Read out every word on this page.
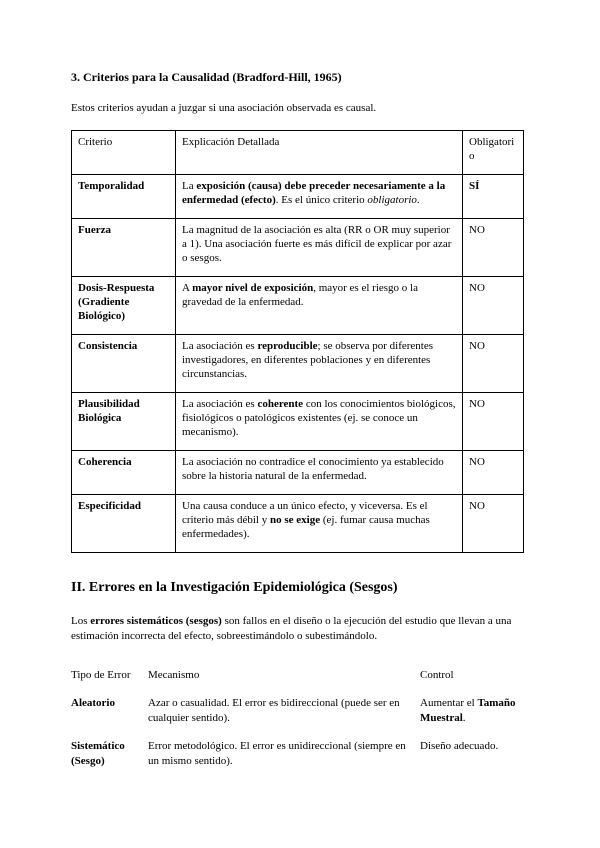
3. Criterios para la Causalidad (Bradford-Hill, 1965)

Estos criterios ayudan a juzgar si una asociación observada es causal.

Criterio	Explicación Detallada	Obligatorio
Temporalidad	La exposición (causa) debe preceder necesariamente a la enfermedad (efecto). Es el único criterio obligatorio.	SÍ
Fuerza	La magnitud de la asociación es alta (RR o OR muy superior a 1). Una asociación fuerte es más difícil de explicar por azar o sesgos.	NO
Dosis-Respuesta (Gradiente Biológico)	A mayor nivel de exposición, mayor es el riesgo o la gravedad de la enfermedad.	NO
Consistencia	La asociación es reproducible; se observa por diferentes investigadores, en diferentes poblaciones y en diferentes circunstancias.	NO
Plausibilidad Biológica	La asociación es coherente con los conocimientos biológicos, fisiológicos o patológicos existentes (ej. se conoce un mecanismo).	NO
Coherencia	La asociación no contradice el conocimiento ya establecido sobre la historia natural de la enfermedad.	NO
Especificidad	Una causa conduce a un único efecto, y viceversa. Es el criterio más débil y no se exige (ej. fumar causa muchas enfermedades).	NO
II. Errores en la Investigación Epidemiológica (Sesgos)

Los errores sistemáticos (sesgos) son fallos en el diseño o la ejecución del estudio que llevan a una estimación incorrecta del efecto, sobreestimándolo o subestimándolo.

Tipo de Error	Mecanismo	Control
Aleatorio	Azar o casualidad. El error es bidireccional (puede ser en cualquier sentido).	Aumentar el Tamaño Muestral.
Sistemático (Sesgo)	Error metodológico. El error es unidireccional (siempre en un mismo sentido).	Diseño adecuado.
